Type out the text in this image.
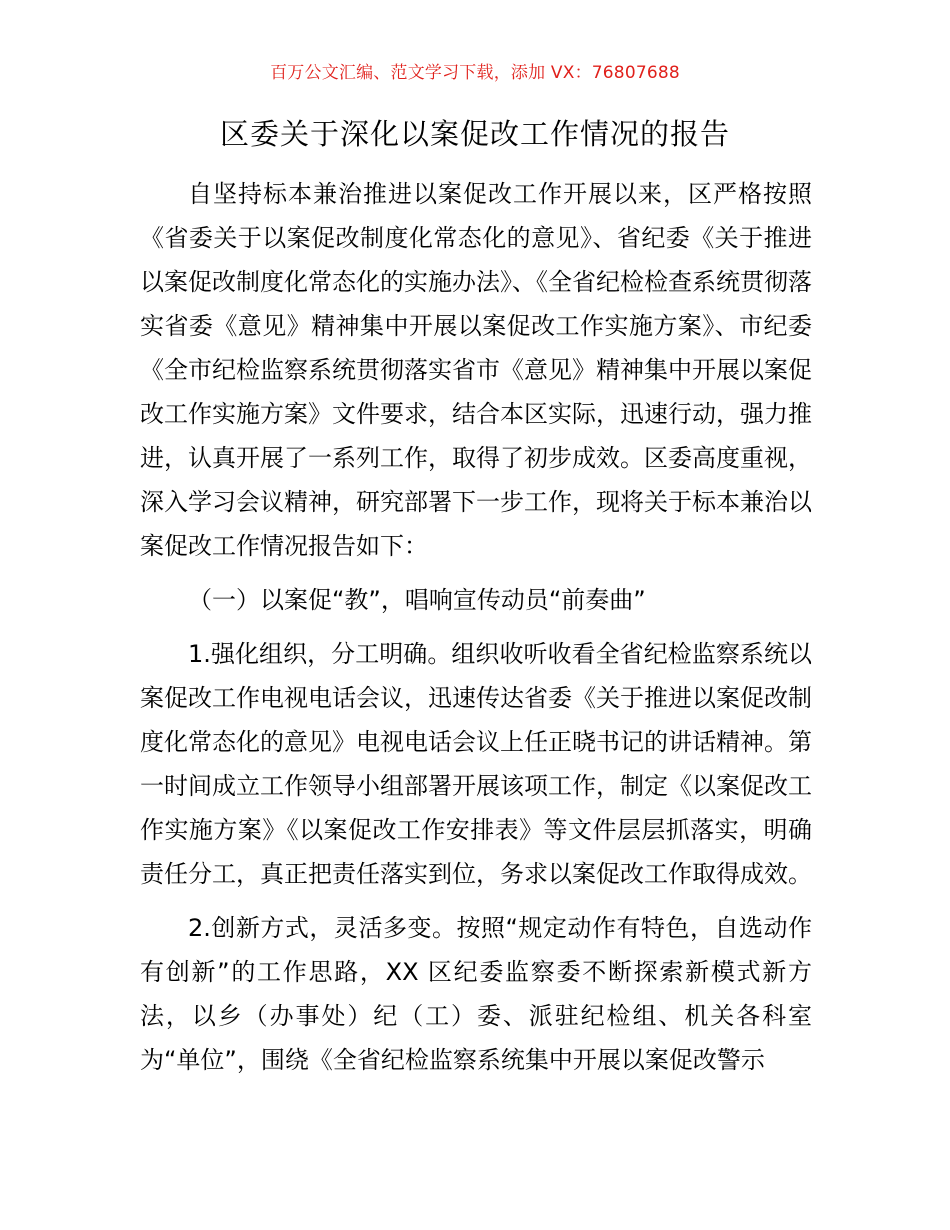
百万公文汇编、范文学习下载，添加 VX：76807688
区委关于深化以案促改工作情况的报告

自坚持标本兼治推进以案促改工作开展以来，区严格按照《省委关于以案促改制度化常态化的意见》、省纪委《关于推进以案促改制度化常态化的实施办法》、《全省纪检检查系统贯彻落实省委《意见》精神集中开展以案促改工作实施方案》、市纪委《全市纪检监察系统贯彻落实省市《意见》精神集中开展以案促改工作实施方案》文件要求，结合本区实际，迅速行动，强力推进，认真开展了一系列工作，取得了初步成效。区委高度重视，深入学习会议精神，研究部署下一步工作，现将关于标本兼治以案促改工作情况报告如下：

（一）以案促“教”，唱响宣传动员“前奏曲”

1.强化组织，分工明确。组织收听收看全省纪检监察系统以案促改工作电视电话会议，迅速传达省委《关于推进以案促改制度化常态化的意见》电视电话会议上任正晓书记的讲话精神。第一时间成立工作领导小组部署开展该项工作，制定《以案促改工作实施方案》《以案促改工作安排表》等文件层层抓落实，明确责任分工，真正把责任落实到位，务求以案促改工作取得成效。

2.创新方式，灵活多变。按照“规定动作有特色，自选动作有创新”的工作思路，XX 区纪委监察委不断探索新模式新方法，以乡（办事处）纪（工）委、派驻纪检组、机关各科室为“单位”，围绕《全省纪检监察系统集中开展以案促改警示
